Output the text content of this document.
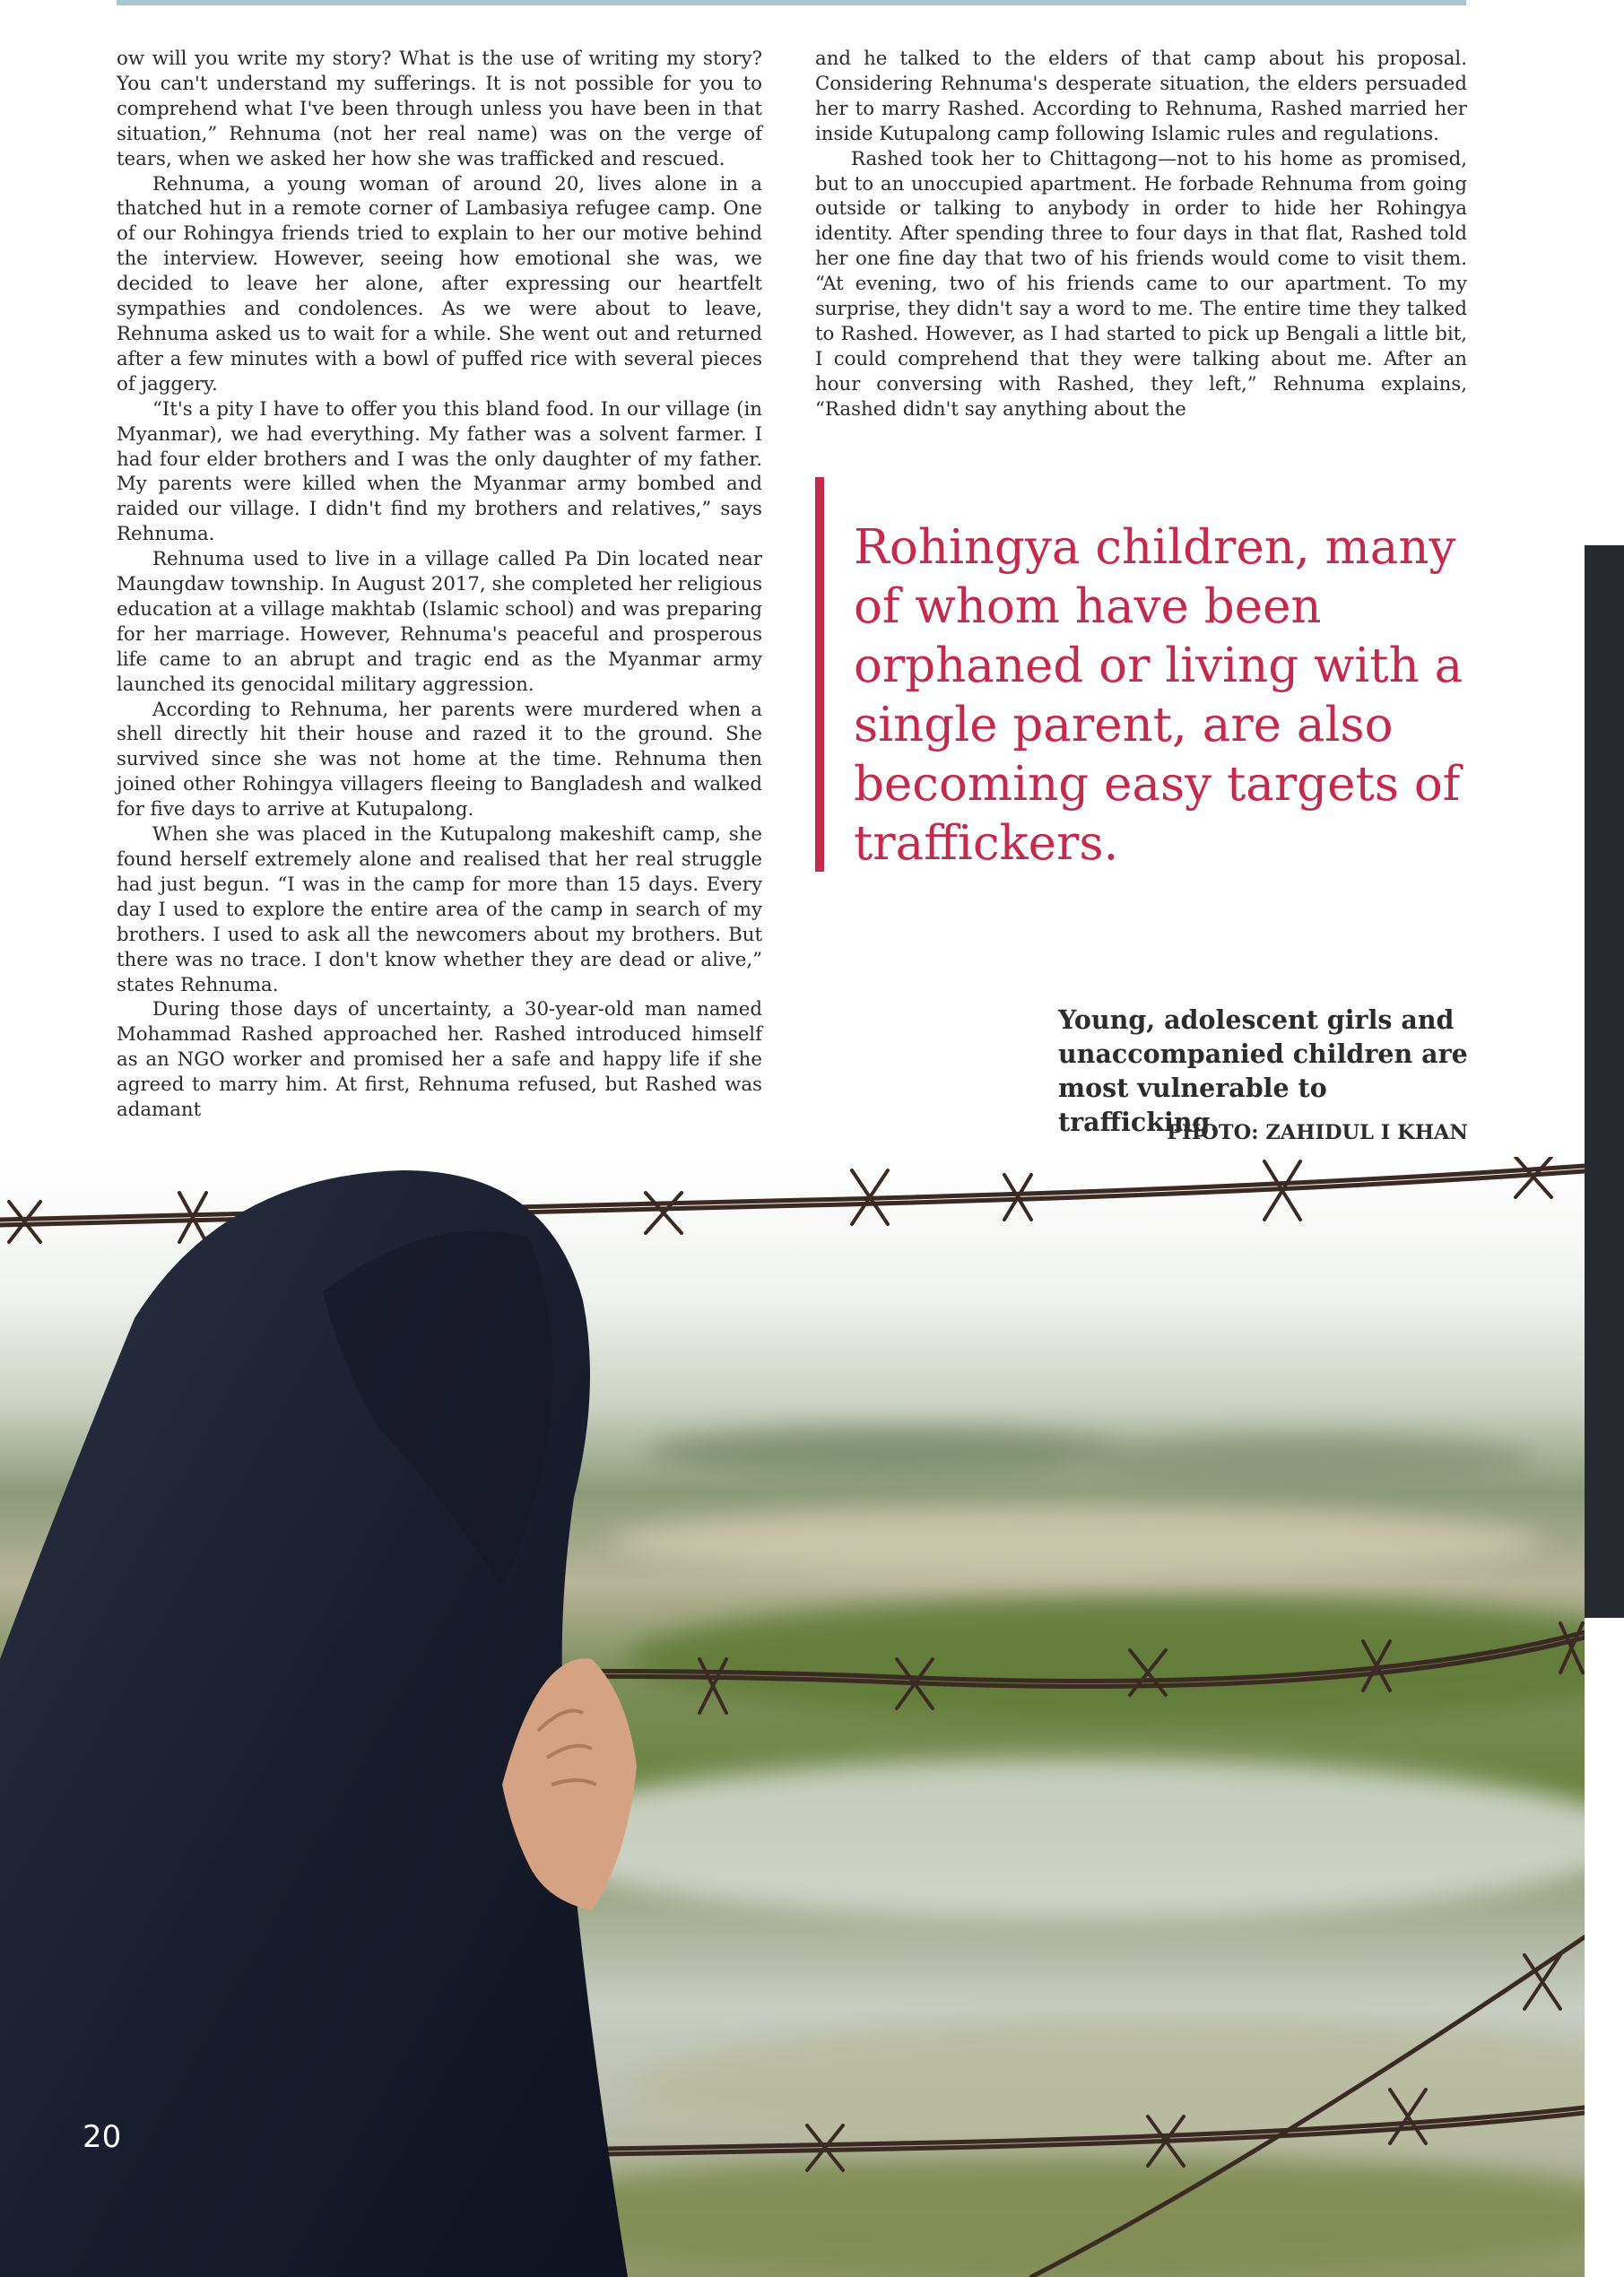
ow will you write my story? What is the use of writing my story? You can't understand my sufferings. It is not possible for you to comprehend what I've been through unless you have been in that situation,” Rehnuma (not her real name) was on the verge of tears, when we asked her how she was trafficked and rescued.

Rehnuma, a young woman of around 20, lives alone in a thatched hut in a remote corner of Lambasiya refugee camp. One of our Rohingya friends tried to explain to her our motive behind the interview. However, seeing how emotional she was, we decided to leave her alone, after expressing our heartfelt sympathies and condolences. As we were about to leave, Rehnuma asked us to wait for a while. She went out and returned after a few minutes with a bowl of puffed rice with several pieces of jaggery.

“It's a pity I have to offer you this bland food. In our village (in Myanmar), we had everything. My father was a solvent farmer. I had four elder brothers and I was the only daughter of my father. My parents were killed when the Myanmar army bombed and raided our village. I didn't find my brothers and relatives,” says Rehnuma.

Rehnuma used to live in a village called Pa Din located near Maungdaw township. In August 2017, she completed her religious education at a village makhtab (Islamic school) and was preparing for her marriage. However, Rehnuma's peaceful and prosperous life came to an abrupt and tragic end as the Myanmar army launched its genocidal military aggression.

According to Rehnuma, her parents were murdered when a shell directly hit their house and razed it to the ground. She survived since she was not home at the time. Rehnuma then joined other Rohingya villagers fleeing to Bangladesh and walked for five days to arrive at Kutupalong.

When she was placed in the Kutupalong makeshift camp, she found herself extremely alone and realised that her real struggle had just begun. “I was in the camp for more than 15 days. Every day I used to explore the entire area of the camp in search of my brothers. I used to ask all the newcomers about my brothers. But there was no trace. I don't know whether they are dead or alive,” states Rehnuma.

During those days of uncertainty, a 30-year-old man named Mohammad Rashed approached her. Rashed introduced himself as an NGO worker and promised her a safe and happy life if she agreed to marry him. At first, Rehnuma refused, but Rashed was adamant

and he talked to the elders of that camp about his proposal. Considering Rehnuma's desperate situation, the elders persuaded her to marry Rashed. According to Rehnuma, Rashed married her inside Kutupalong camp following Islamic rules and regulations.

Rashed took her to Chittagong—not to his home as promised, but to an unoccupied apartment. He forbade Rehnuma from going outside or talking to anybody in order to hide her Rohingya identity. After spending three to four days in that flat, Rashed told her one fine day that two of his friends would come to visit them. “At evening, two of his friends came to our apartment. To my surprise, they didn't say a word to me. The entire time they talked to Rashed. However, as I had started to pick up Bengali a little bit, I could comprehend that they were talking about me. After an hour conversing with Rashed, they left,” Rehnuma explains, “Rashed didn't say anything about the

Rohingya children, many of whom have been orphaned or living with a single parent, are also becoming easy targets of traffickers.
Young, adolescent girls and unaccompanied children are most vulnerable to trafficking.
PHOTO: ZAHIDUL I KHAN
20
